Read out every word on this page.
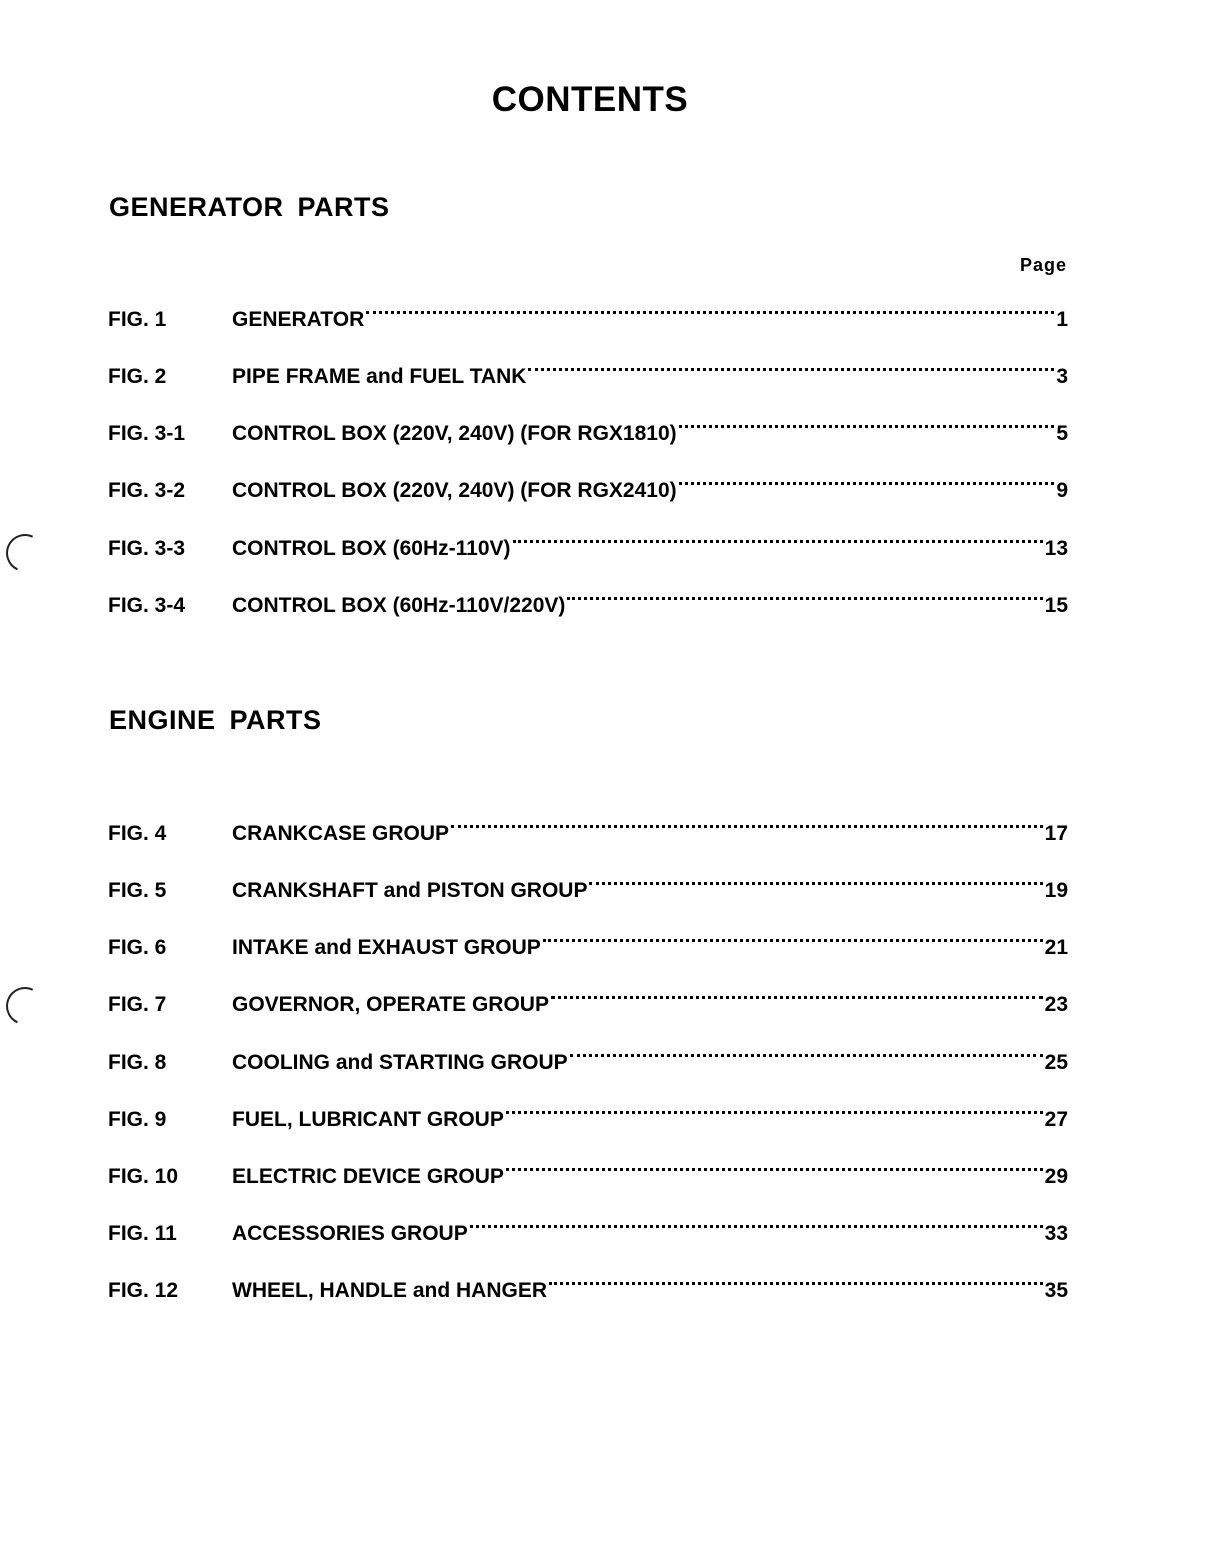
CONTENTS
GENERATOR PARTS
Page
ENGINE PARTS
FIG. 1	GENERATOR	1
FIG. 2	PIPE FRAME and FUEL TANK	3
FIG. 3-1	CONTROL BOX (220V, 240V) (FOR RGX1810)	5
FIG. 3-2	CONTROL BOX (220V, 240V) (FOR RGX2410)	9
FIG. 3-3	CONTROL BOX (60Hz-110V)	13
FIG. 3-4	CONTROL BOX (60Hz-110V/220V)	15
FIG. 4	CRANKCASE GROUP	17
FIG. 5	CRANKSHAFT and PISTON GROUP	19
FIG. 6	INTAKE and EXHAUST GROUP	21
FIG. 7	GOVERNOR, OPERATE GROUP	23
FIG. 8	COOLING and STARTING GROUP	25
FIG. 9	FUEL, LUBRICANT GROUP	27
FIG. 10	ELECTRIC DEVICE GROUP	29
FIG. 11	ACCESSORIES GROUP	33
FIG. 12	WHEEL, HANDLE and HANGER	35
